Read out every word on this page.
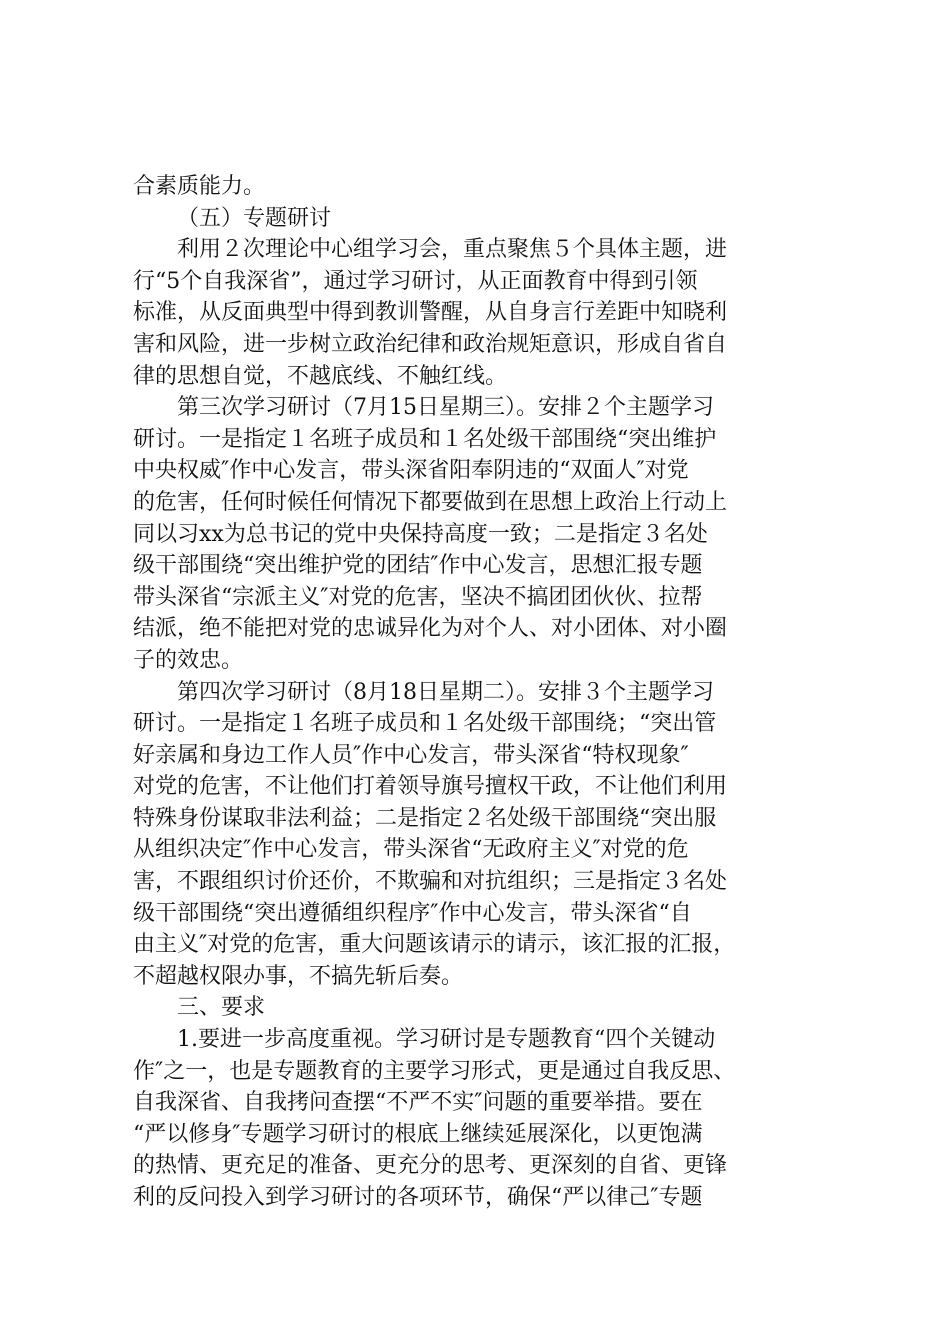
合素质能力。
（五）专题研讨
利用２次理论中心组学习会，重点聚焦５个具体主题，进
行“5个自我深省”，通过学习研讨，从正面教育中得到引领
标准，从反面典型中得到教训警醒，从自身言行差距中知晓利
害和风险，进一步树立政治纪律和政治规矩意识，形成自省自
律的思想自觉，不越底线、不触红线。
第三次学习研讨（7月15日星期三）。安排２个主题学习
研讨。一是指定１名班子成员和１名处级干部围绕“突出维护
中央权威″作中心发言，带头深省阳奉阴违的“双面人″对党
的危害，任何时候任何情况下都要做到在思想上政治上行动上
同以习xx为总书记的党中央保持高度一致；二是指定３名处
级干部围绕“突出维护党的团结″作中心发言，思想汇报专题
带头深省“宗派主义″对党的危害，坚决不搞团团伙伙、拉帮
结派，绝不能把对党的忠诚异化为对个人、对小团体、对小圈
子的效忠。
第四次学习研讨（8月18日星期二）。安排３个主题学习
研讨。一是指定１名班子成员和１名处级干部围绕；“突出管
好亲属和身边工作人员″作中心发言，带头深省“特权现象″
对党的危害，不让他们打着领导旗号擅权干政，不让他们利用
特殊身份谋取非法利益；二是指定２名处级干部围绕“突出服
从组织决定″作中心发言，带头深省“无政府主义″对党的危
害，不跟组织讨价还价，不欺骗和对抗组织；三是指定３名处
级干部围绕“突出遵循组织程序″作中心发言，带头深省“自
由主义″对党的危害，重大问题该请示的请示，该汇报的汇报，
不超越权限办事，不搞先斩后奏。
三、要求
1.要进一步高度重视。学习研讨是专题教育“四个关键动
作″之一，也是专题教育的主要学习形式，更是通过自我反思、
自我深省、自我拷问查摆“不严不实″问题的重要举措。要在
“严以修身″专题学习研讨的根底上继续延展深化，以更饱满
的热情、更充足的准备、更充分的思考、更深刻的自省、更锋
利的反问投入到学习研讨的各项环节，确保“严以律己″专题
